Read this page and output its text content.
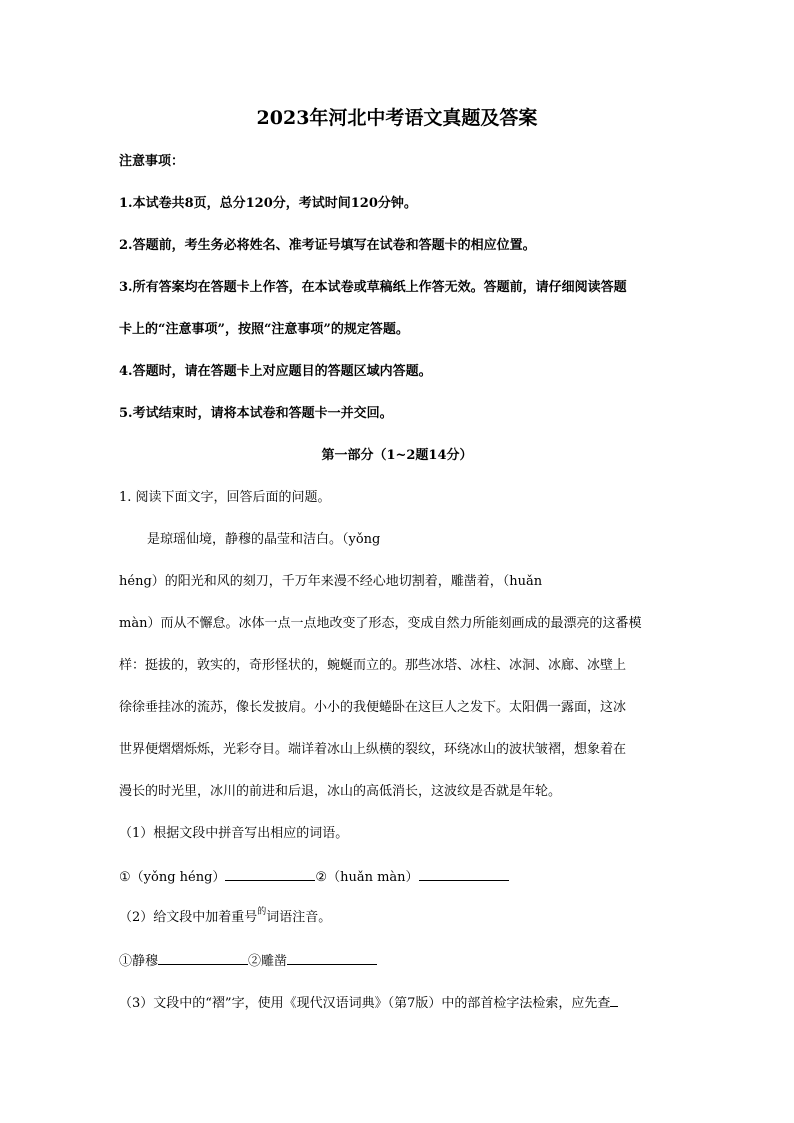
2023年河北中考语文真题及答案
注意事项：
1.本试卷共8页，总分120分，考试时间120分钟。
2.答题前，考生务必将姓名、准考证号填写在试卷和答题卡的相应位置。
3.所有答案均在答题卡上作答，在本试卷或草稿纸上作答无效。答题前，请仔细阅读答题
卡上的“注意事项”，按照“注意事项”的规定答题。
4.答题时，请在答题卡上对应题目的答题区域内答题。
5.考试结束时，请将本试卷和答题卡一并交回。
第一部分（1~2题14分）
1. 阅读下面文字，回答后面的问题。
是琼瑶仙境，静穆的晶莹和洁白。（yǒng
héng）的阳光和风的刻刀，千万年来漫不经心地切割着，雕凿着，（huǎn
màn）而从不懈怠。冰体一点一点地改变了形态，变成自然力所能刻画成的最漂亮的这番模
样：挺拔的，敦实的，奇形怪状的，蜿蜒而立的。那些冰塔、冰柱、冰洞、冰廊、冰壁上
徐徐垂挂冰的流苏，像长发披肩。小小的我便蜷卧在这巨人之发下。太阳偶一露面，这冰
世界便熠熠烁烁，光彩夺目。端详着冰山上纵横的裂纹，环绕冰山的波状皱褶，想象着在
漫长的时光里，冰川的前进和后退，冰山的高低消长，这波纹是否就是年轮。
（1）根据文段中拼音写出相应的词语。
①（yǒng héng）	②（huǎn màn）
（2）给文段中加着重号$^的$词语注音。
①静穆	②雕凿
（3）文段中的“褶”字，使用《现代汉语词典》（第7版）中的部首检字法检索，应先查
